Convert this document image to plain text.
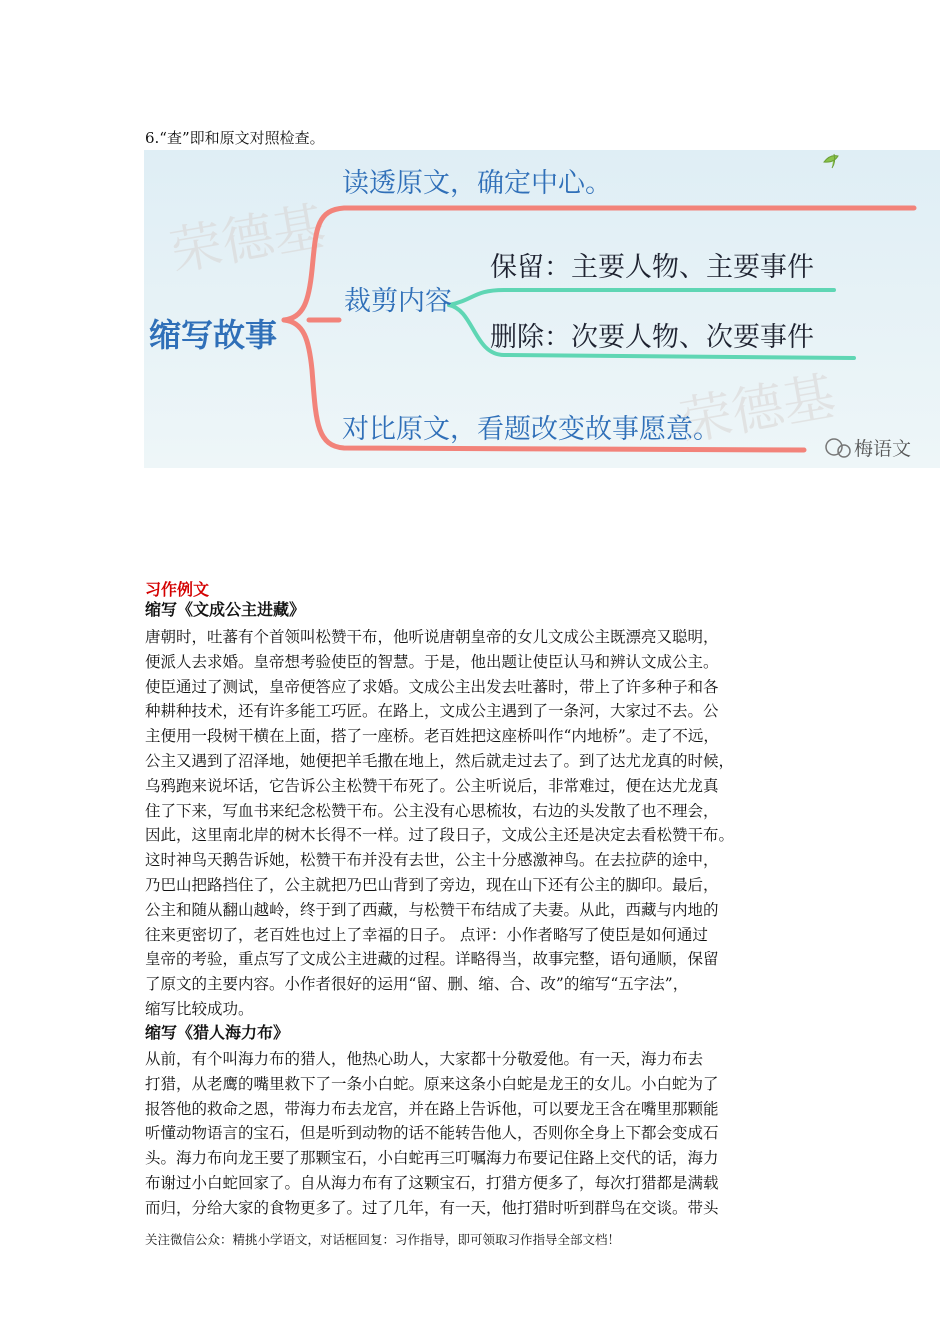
6.“查”即和原文对照检查。
荣德基
荣德基
缩写故事
读透原文，确定中心。
裁剪内容
保留：主要人物、主要事件
删除：次要人物、次要事件
对比原文，看题改变故事愿意。
梅语文
习作例文
缩写《文成公主进藏》
唐朝时，吐蕃有个首领叫松赞干布，他听说唐朝皇帝的女儿文成公主既漂亮又聪明，
便派人去求婚。皇帝想考验使臣的智慧。于是，他出题让使臣认马和辨认文成公主。
使臣通过了测试，皇帝便答应了求婚。文成公主出发去吐蕃时，带上了许多种子和各
种耕种技术，还有许多能工巧匠。在路上，文成公主遇到了一条河，大家过不去。公
主便用一段树干横在上面，搭了一座桥。老百姓把这座桥叫作“内地桥”。走了不远，
公主又遇到了沼泽地，她便把羊毛撒在地上，然后就走过去了。到了达尤龙真的时候，
乌鸦跑来说坏话，它告诉公主松赞干布死了。公主听说后，非常难过，便在达尤龙真
住了下来，写血书来纪念松赞干布。公主没有心思梳妆，右边的头发散了也不理会，
因此，这里南北岸的树木长得不一样。过了段日子，文成公主还是决定去看松赞干布。
这时神鸟天鹅告诉她，松赞干布并没有去世，公主十分感激神鸟。在去拉萨的途中，
乃巴山把路挡住了，公主就把乃巴山背到了旁边，现在山下还有公主的脚印。最后，
公主和随从翻山越岭，终于到了西藏，与松赞干布结成了夫妻。从此，西藏与内地的
往来更密切了，老百姓也过上了幸福的日子。 点评：小作者略写了使臣是如何通过
皇帝的考验，重点写了文成公主进藏的过程。详略得当，故事完整，语句通顺，保留
了原文的主要内容。小作者很好的运用“留、删、缩、合、改”的缩写“五字法”，
缩写比较成功。
缩写《猎人海力布》
从前，有个叫海力布的猎人，他热心助人，大家都十分敬爱他。有一天，海力布去
打猎，从老鹰的嘴里救下了一条小白蛇。原来这条小白蛇是龙王的女儿。小白蛇为了
报答他的救命之恩，带海力布去龙宫，并在路上告诉他，可以要龙王含在嘴里那颗能
听懂动物语言的宝石，但是听到动物的话不能转告他人，否则你全身上下都会变成石
头。海力布向龙王要了那颗宝石，小白蛇再三叮嘱海力布要记住路上交代的话，海力
布谢过小白蛇回家了。自从海力布有了这颗宝石，打猎方便多了，每次打猎都是满载
而归，分给大家的食物更多了。过了几年，有一天，他打猎时听到群鸟在交谈。带头
关注微信公众：精挑小学语文，对话框回复：习作指导，即可领取习作指导全部文档！
